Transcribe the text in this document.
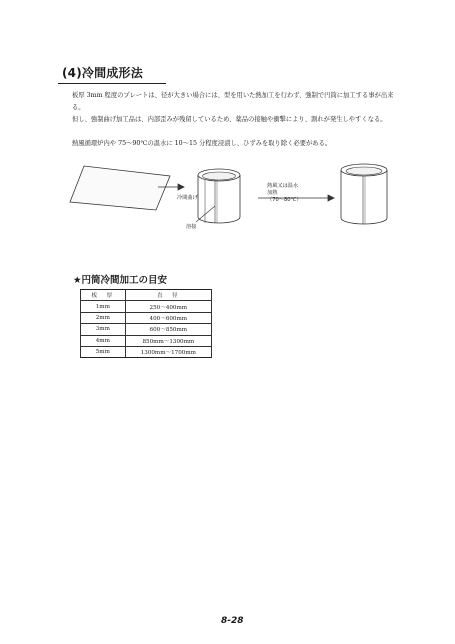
(4)冷間成形法
板厚 3mm 程度のプレートは、径が大きい場合には、型を用いた熱加工を行わず、強制で円筒に加工する事が出来る。
但し、強制曲げ加工品は、内部歪みが残留しているため、薬品の接触や衝撃により、割れが発生しやすくなる。
熱風循環炉内や 75～90℃の温水に 10～15 分程度浸漬し、ひずみを取り除く必要がある。
冷間曲げ
溶接
熱風又は温水
加熱
（70～80℃）
★円筒冷間加工の目安
板　厚	直　径
1mm	250～400mm
2mm	400～600mm
3mm	600～850mm
4mm	850mm～1300mm
5mm	1300mm～1700mm
8-28
